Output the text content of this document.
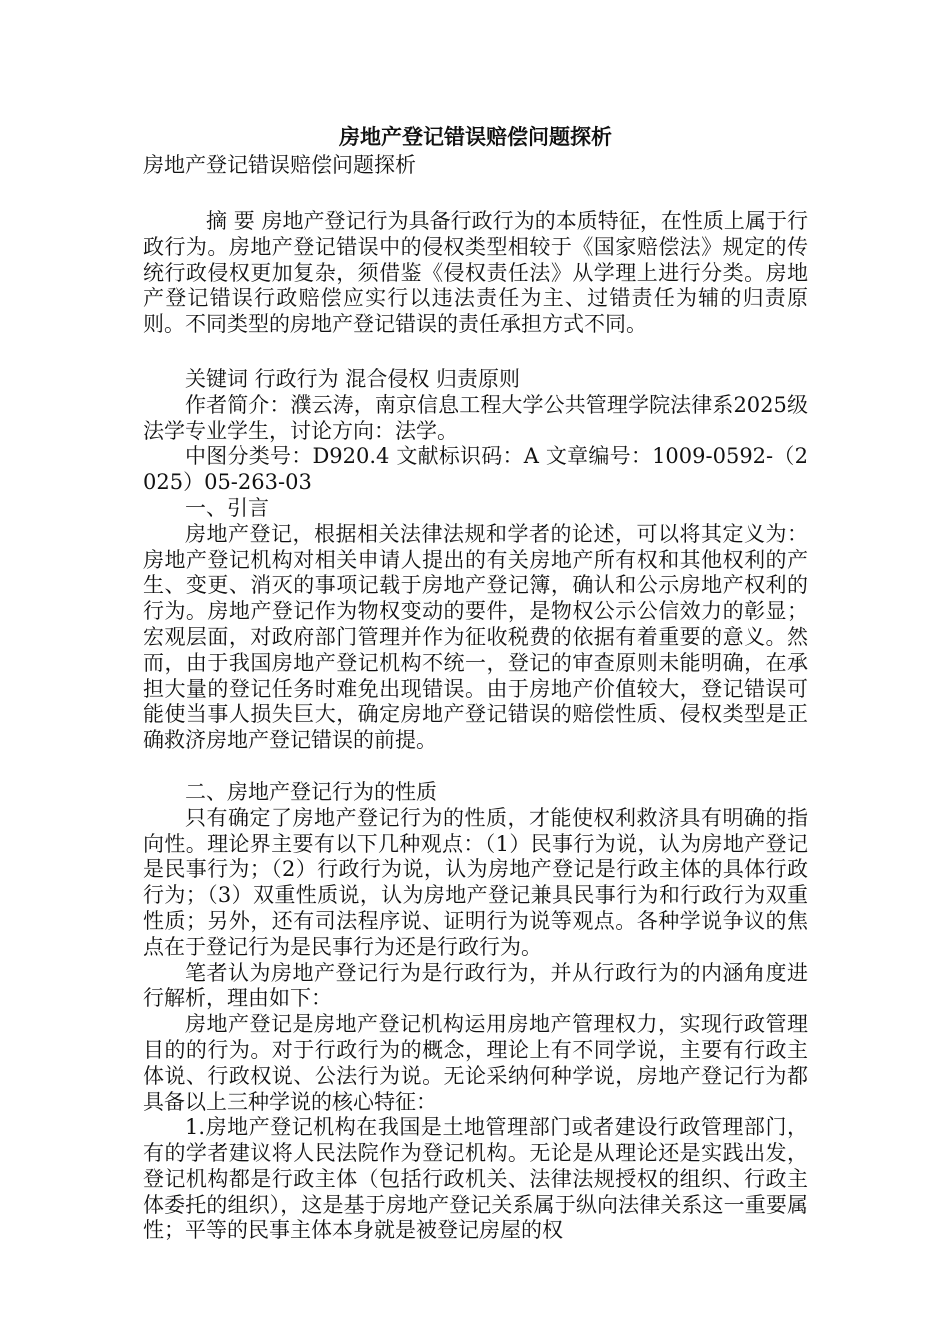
房地产登记错误赔偿问题探析

房地产登记错误赔偿问题探析

摘 要 房地产登记行为具备行政行为的本质特征，在性质上属于行政行为。房地产登记错误中的侵权类型相较于《国家赔偿法》规定的传统行政侵权更加复杂，须借鉴《侵权责任法》从学理上进行分类。房地产登记错误行政赔偿应实行以违法责任为主、过错责任为辅的归责原则。不同类型的房地产登记错误的责任承担方式不同。

关键词 行政行为 混合侵权 归责原则

作者简介：濮云涛，南京信息工程大学公共管理学院法律系2025级法学专业学生，讨论方向：法学。

中图分类号：D920.4 文献标识码：A 文章编号：1009-0592-（2025）05-263-03

一、引言

房地产登记，根据相关法律法规和学者的论述，可以将其定义为：房地产登记机构对相关申请人提出的有关房地产所有权和其他权利的产生、变更、消灭的事项记载于房地产登记簿，确认和公示房地产权利的行为。房地产登记作为物权变动的要件，是物权公示公信效力的彰显；宏观层面，对政府部门管理并作为征收税费的依据有着重要的意义。然而，由于我国房地产登记机构不统一，登记的审查原则未能明确，在承担大量的登记任务时难免出现错误。由于房地产价值较大，登记错误可能使当事人损失巨大，确定房地产登记错误的赔偿性质、侵权类型是正确救济房地产登记错误的前提。

二、房地产登记行为的性质

只有确定了房地产登记行为的性质，才能使权利救济具有明确的指向性。理论界主要有以下几种观点：（1）民事行为说，认为房地产登记是民事行为；（2）行政行为说，认为房地产登记是行政主体的具体行政行为；（3）双重性质说，认为房地产登记兼具民事行为和行政行为双重性质；另外，还有司法程序说、证明行为说等观点。各种学说争议的焦点在于登记行为是民事行为还是行政行为。

笔者认为房地产登记行为是行政行为，并从行政行为的内涵角度进行解析，理由如下：

房地产登记是房地产登记机构运用房地产管理权力，实现行政管理目的的行为。对于行政行为的概念，理论上有不同学说，主要有行政主体说、行政权说、公法行为说。无论采纳何种学说，房地产登记行为都具备以上三种学说的核心特征：

1.房地产登记机构在我国是土地管理部门或者建设行政管理部门，有的学者建议将人民法院作为登记机构。无论是从理论还是实践出发，登记机构都是行政主体（包括行政机关、法律法规授权的组织、行政主体委托的组织），这是基于房地产登记关系属于纵向法律关系这一重要属性；平等的民事主体本身就是被登记房屋的权
